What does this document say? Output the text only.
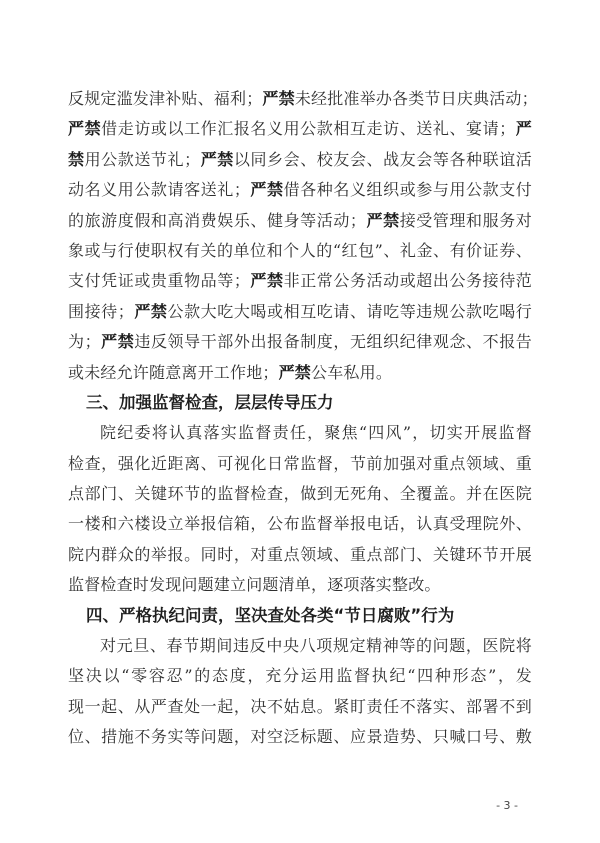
反规定滥发津补贴、福利；严禁未经批准举办各类节日庆典活动；
严禁借走访或以工作汇报名义用公款相互走访、送礼、宴请；严
禁用公款送节礼；严禁以同乡会、校友会、战友会等各种联谊活
动名义用公款请客送礼；严禁借各种名义组织或参与用公款支付
的旅游度假和高消费娱乐、健身等活动；严禁接受管理和服务对
象或与行使职权有关的单位和个人的“红包”、礼金、有价证券、
支付凭证或贵重物品等；严禁非正常公务活动或超出公务接待范
围接待；严禁公款大吃大喝或相互吃请、请吃等违规公款吃喝行
为；严禁违反领导干部外出报备制度，无组织纪律观念、不报告
或未经允许随意离开工作地；严禁公车私用。
三、加强监督检查，层层传导压力
院纪委将认真落实监督责任，聚焦“四风”，切实开展监督
检查，强化近距离、可视化日常监督，节前加强对重点领域、重
点部门、关键环节的监督检查，做到无死角、全覆盖。并在医院
一楼和六楼设立举报信箱，公布监督举报电话，认真受理院外、
院内群众的举报。同时，对重点领域、重点部门、关键环节开展
监督检查时发现问题建立问题清单，逐项落实整改。
四、严格执纪问责，坚决查处各类“节日腐败”行为
对元旦、春节期间违反中央八项规定精神等的问题，医院将
坚决以“零容忍”的态度，充分运用监督执纪“四种形态”，发
现一起、从严查处一起，决不姑息。紧盯责任不落实、部署不到
位、措施不务实等问题，对空泛标题、应景造势、只喊口号、敷
- 3 -
